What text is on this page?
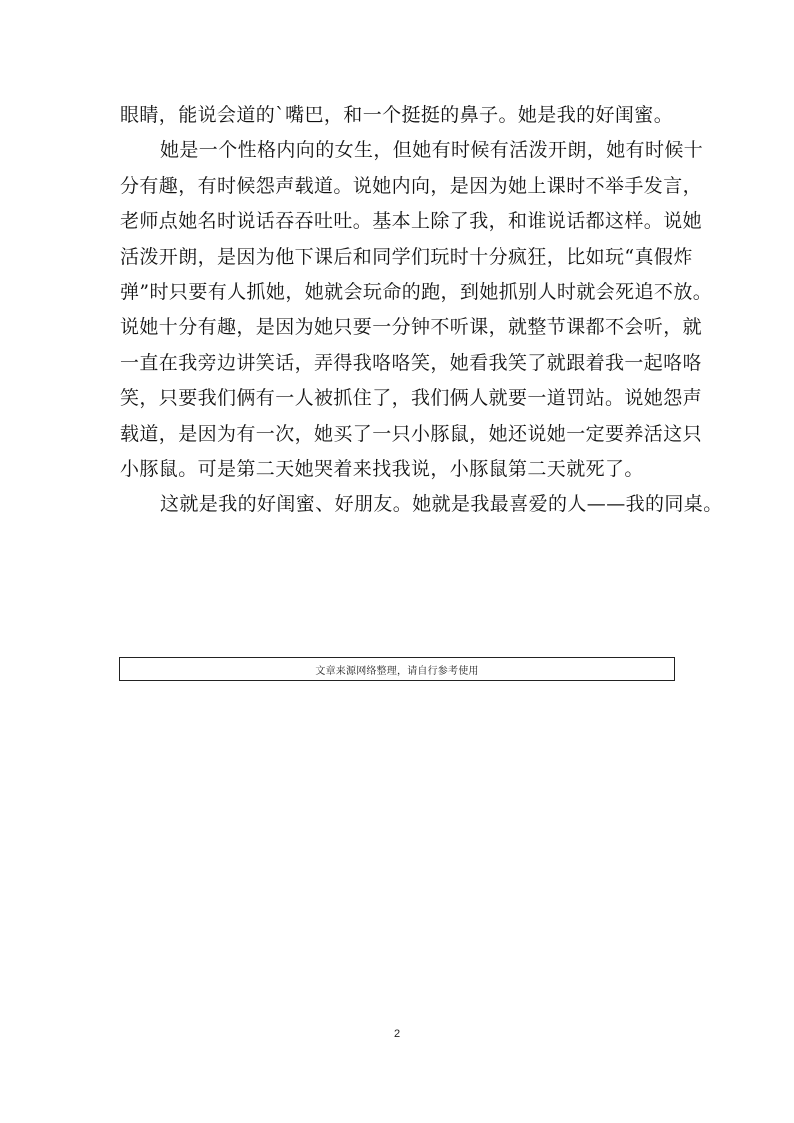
眼睛，能说会道的`嘴巴，和一个挺挺的鼻子。她是我的好闺蜜。
她是一个性格内向的女生，但她有时候有活泼开朗，她有时候十
分有趣，有时候怨声载道。说她内向，是因为她上课时不举手发言，
老师点她名时说话吞吞吐吐。基本上除了我，和谁说话都这样。说她
活泼开朗，是因为他下课后和同学们玩时十分疯狂，比如玩“真假炸
弹”时只要有人抓她，她就会玩命的跑，到她抓别人时就会死追不放。
说她十分有趣，是因为她只要一分钟不听课，就整节课都不会听，就
一直在我旁边讲笑话，弄得我咯咯笑，她看我笑了就跟着我一起咯咯
笑，只要我们俩有一人被抓住了，我们俩人就要一道罚站。说她怨声
载道，是因为有一次，她买了一只小豚鼠，她还说她一定要养活这只
小豚鼠。可是第二天她哭着来找我说，小豚鼠第二天就死了。
这就是我的好闺蜜、好朋友。她就是我最喜爱的人——我的同桌。
文章来源网络整理，请自行参考使用
2
